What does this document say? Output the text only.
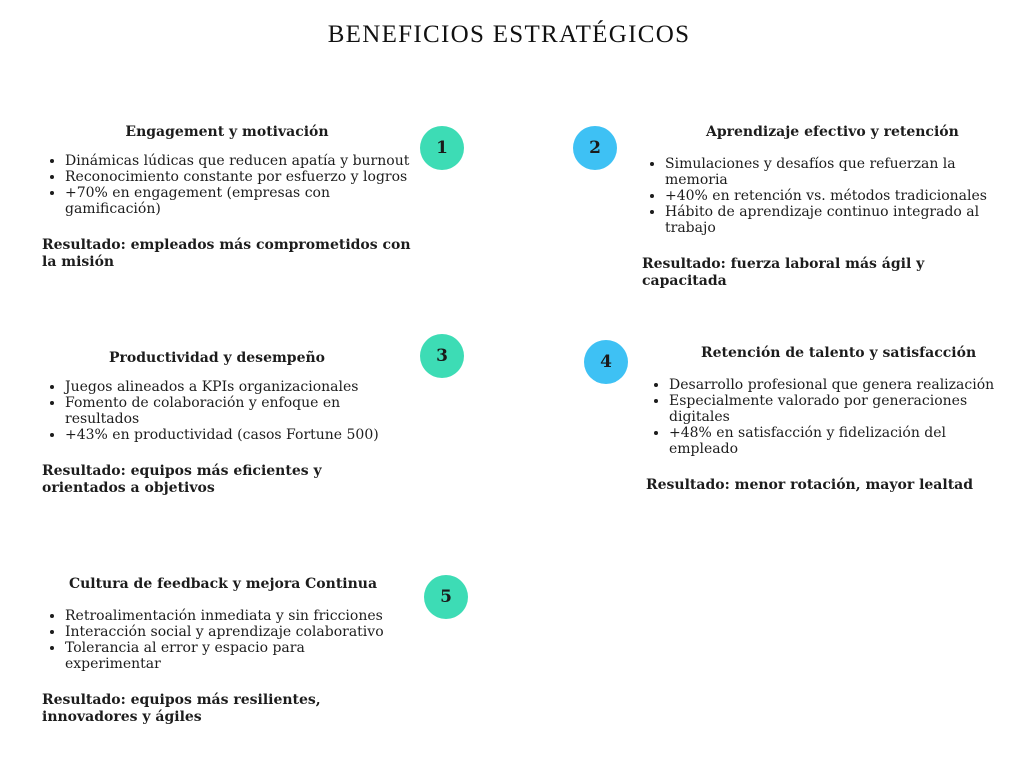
BENEFICIOS ESTRATÉGICOS
Engagement y motivación
• Dinámicas lúdicas que reducen apatía y burnout
• Reconocimiento constante por esfuerzo y logros
• +70% en engagement (empresas con gamificación)
Resultado: empleados más comprometidos con la misión
1
Aprendizaje efectivo y retención
• Simulaciones y desafíos que refuerzan la memoria
• +40% en retención vs. métodos tradicionales
• Hábito de aprendizaje continuo integrado al trabajo
Resultado: fuerza laboral más ágil y capacitada
2
Productividad y desempeño
• Juegos alineados a KPIs organizacionales
• Fomento de colaboración y enfoque en resultados
• +43% en productividad (casos Fortune 500)
Resultado: equipos más eficientes y orientados a objetivos
3	Retención de talento y satisfacción
• Desarrollo profesional que genera realización
• Especialmente valorado por generaciones digitales
• +48% en satisfacción y fidelización del empleado
Resultado: menor rotación, mayor lealtad
4
Cultura de feedback y mejora Continua
• Retroalimentación inmediata y sin fricciones
• Interacción social y aprendizaje colaborativo
• Tolerancia al error y espacio para experimentar
Resultado: equipos más resilientes, innovadores y ágiles
5
